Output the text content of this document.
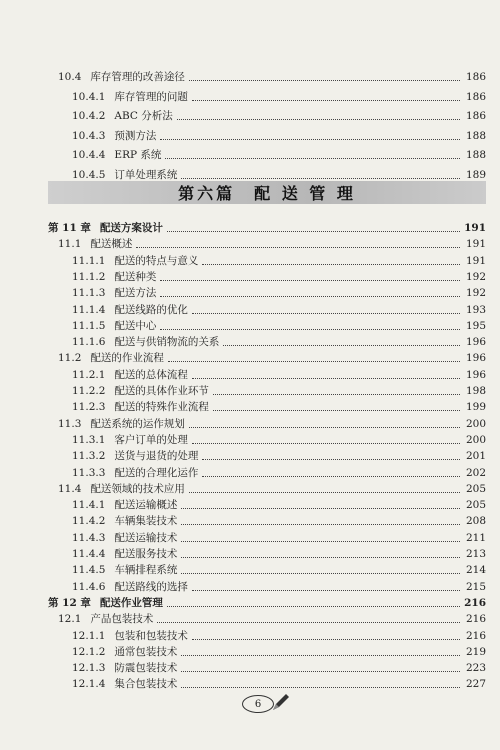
10.4 库存管理的改善途径	186
10.4.1 库存管理的问题	186
10.4.2 ABC 分析法	186
10.4.3 预测方法	188
10.4.4 ERP 系统	188
10.4.5 订单处理系统	189
第六篇　配 送 管 理
第 11 章 配送方案设计	191
11.1 配送概述	191
11.1.1 配送的特点与意义	191
11.1.2 配送种类	192
11.1.3 配送方法	192
11.1.4 配送线路的优化	193
11.1.5 配送中心	195
11.1.6 配送与供销物流的关系	196
11.2 配送的作业流程	196
11.2.1 配送的总体流程	196
11.2.2 配送的具体作业环节	198
11.2.3 配送的特殊作业流程	199
11.3 配送系统的运作规划	200
11.3.1 客户订单的处理	200
11.3.2 送货与退货的处理	201
11.3.3 配送的合理化运作	202
11.4 配送领域的技术应用	205
11.4.1 配送运输概述	205
11.4.2 车辆集装技术	208
11.4.3 配送运输技术	211
11.4.4 配送服务技术	213
11.4.5 车辆排程系统	214
11.4.6 配送路线的选择	215
第 12 章 配送作业管理	216
12.1 产品包装技术	216
12.1.1 包装和包装技术	216
12.1.2 通常包装技术	219
12.1.3 防震包装技术	223
12.1.4 集合包装技术	227
6
